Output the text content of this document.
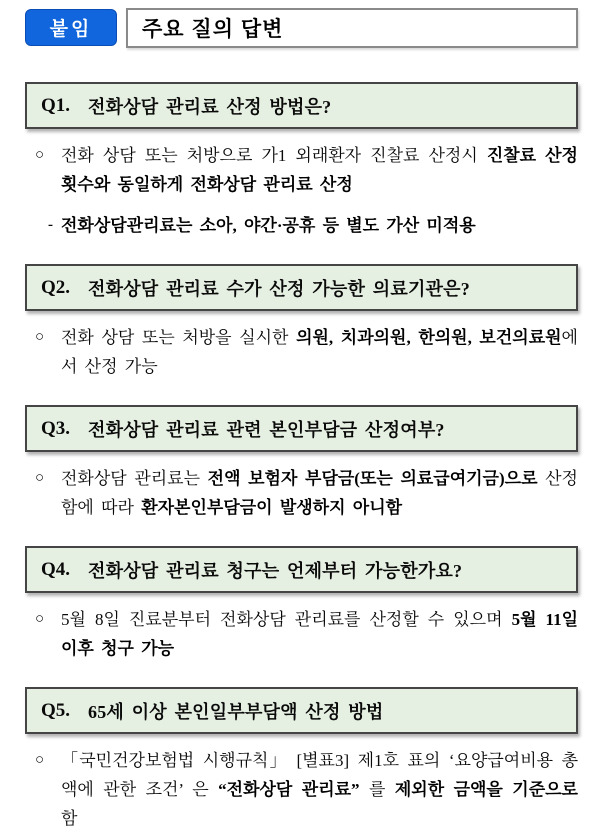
붙임	주요 질의 답변
Q1. 전화상담 관리료 산정 방법은?
○ 전화 상담 또는 처방으로 가1 외래환자 진찰료 산정시 진찰료 산정 횟수와 동일하게 전화상담 관리료 산정
- 전화상담관리료는 소아, 야간·공휴 등 별도 가산 미적용
Q2. 전화상담 관리료 수가 산정 가능한 의료기관은?
○ 전화 상담 또는 처방을 실시한 의원, 치과의원, 한의원, 보건의료원에서 산정 가능
Q3. 전화상담 관리료 관련 본인부담금 산정여부?
○ 전화상담 관리료는 전액 보험자 부담금(또는 의료급여기금)으로 산정함에 따라 환자본인부담금이 발생하지 아니함
Q4. 전화상담 관리료 청구는 언제부터 가능한가요?
○ 5월 8일 진료분부터 전화상담 관리료를 산정할 수 있으며 5월 11일 이후 청구 가능
Q5. 65세 이상 본인일부부담액 산정 방법
○ 「국민건강보험법 시행규칙」 [별표3] 제1호 표의 ‘요양급여비용 총액에 관한 조건’ 은 “전화상담 관리료” 를 제외한 금액을 기준으로 함
